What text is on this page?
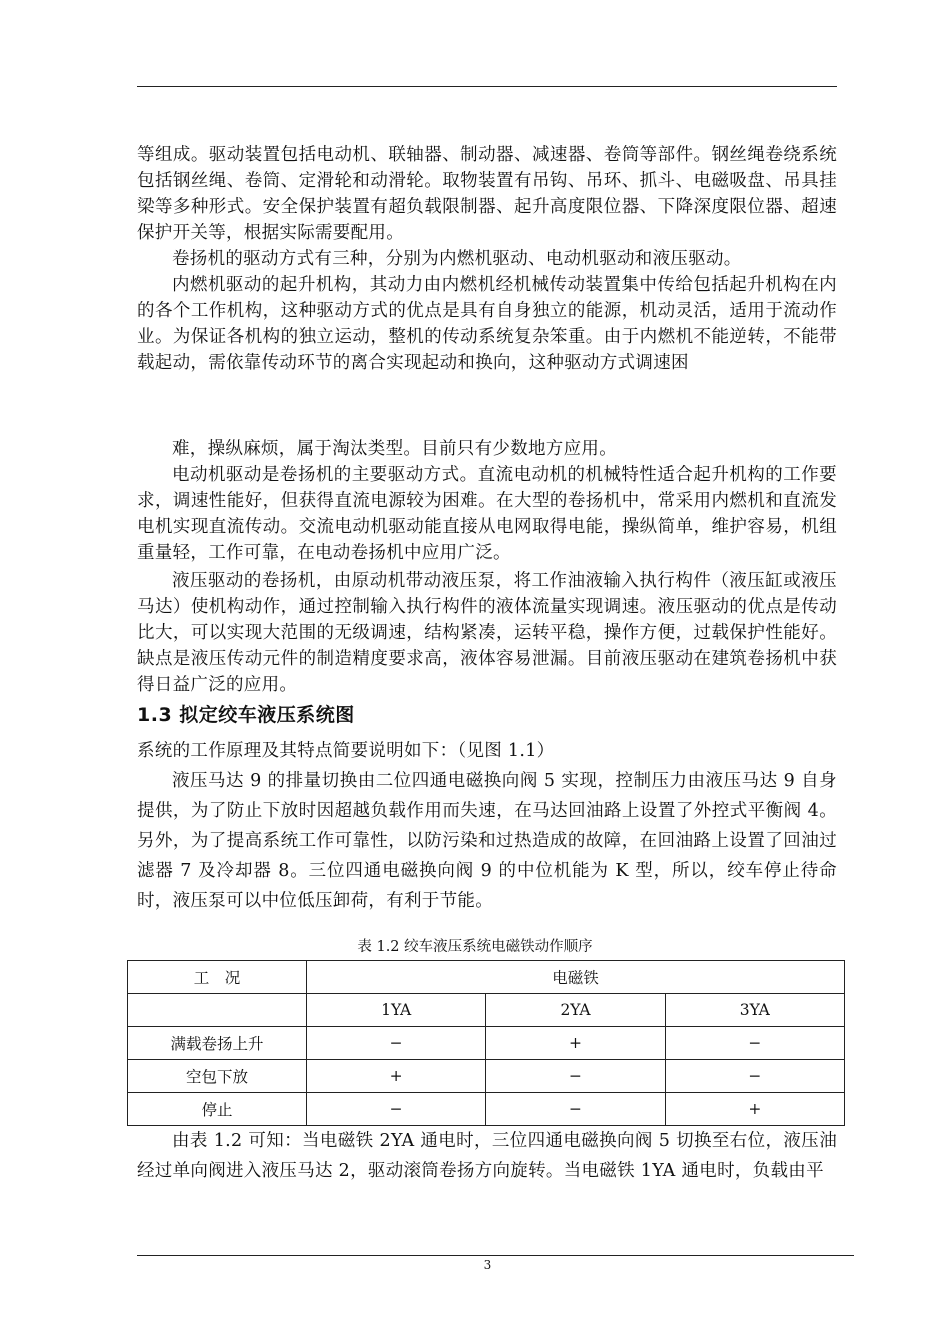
等组成。驱动装置包括电动机、联轴器、制动器、减速器、卷筒等部件。钢丝绳卷绕系统包括钢丝绳、卷筒、定滑轮和动滑轮。取物装置有吊钩、吊环、抓斗、电磁吸盘、吊具挂梁等多种形式。安全保护装置有超负载限制器、起升高度限位器、下降深度限位器、超速保护开关等，根据实际需要配用。

卷扬机的驱动方式有三种，分别为内燃机驱动、电动机驱动和液压驱动。

内燃机驱动的起升机构，其动力由内燃机经机械传动装置集中传给包括起升机构在内的各个工作机构，这种驱动方式的优点是具有自身独立的能源，机动灵活，适用于流动作业。为保证各机构的独立运动，整机的传动系统复杂笨重。由于内燃机不能逆转，不能带载起动，需依靠传动环节的离合实现起动和换向，这种驱动方式调速困

难，操纵麻烦，属于淘汰类型。目前只有少数地方应用。

电动机驱动是卷扬机的主要驱动方式。直流电动机的机械特性适合起升机构的工作要求，调速性能好，但获得直流电源较为困难。在大型的卷扬机中，常采用内燃机和直流发电机实现直流传动。交流电动机驱动能直接从电网取得电能，操纵简单，维护容易，机组重量轻，工作可靠，在电动卷扬机中应用广泛。

液压驱动的卷扬机，由原动机带动液压泵，将工作油液输入执行构件（液压缸或液压马达）使机构动作，通过控制输入执行构件的液体流量实现调速。液压驱动的优点是传动比大，可以实现大范围的无级调速，结构紧凑，运转平稳，操作方便，过载保护性能好。缺点是液压传动元件的制造精度要求高，液体容易泄漏。目前液压驱动在建筑卷扬机中获得日益广泛的应用。

1.3 拟定绞车液压系统图

系统的工作原理及其特点简要说明如下：（见图 1.1）

液压马达 9 的排量切换由二位四通电磁换向阀 5 实现，控制压力由液压马达 9 自身提供，为了防止下放时因超越负载作用而失速，在马达回油路上设置了外控式平衡阀 4。另外，为了提高系统工作可靠性，以防污染和过热造成的故障，在回油路上设置了回油过滤器 7 及冷却器 8。三位四通电磁换向阀 9 的中位机能为 K 型，所以，绞车停止待命时，液压泵可以中位低压卸荷，有利于节能。

表 1.2 绞车液压系统电磁铁动作顺序

工　况	电磁铁		
	1YA	2YA	3YA
满载卷扬上升	−	+	−
空包下放	+	−	−
停止	−	−	+

由表 1.2 可知：当电磁铁 2YA 通电时，三位四通电磁换向阀 5 切换至右位，液压油经过单向阀进入液压马达 2，驱动滚筒卷扬方向旋转。当电磁铁 1YA 通电时，负载由平

3
